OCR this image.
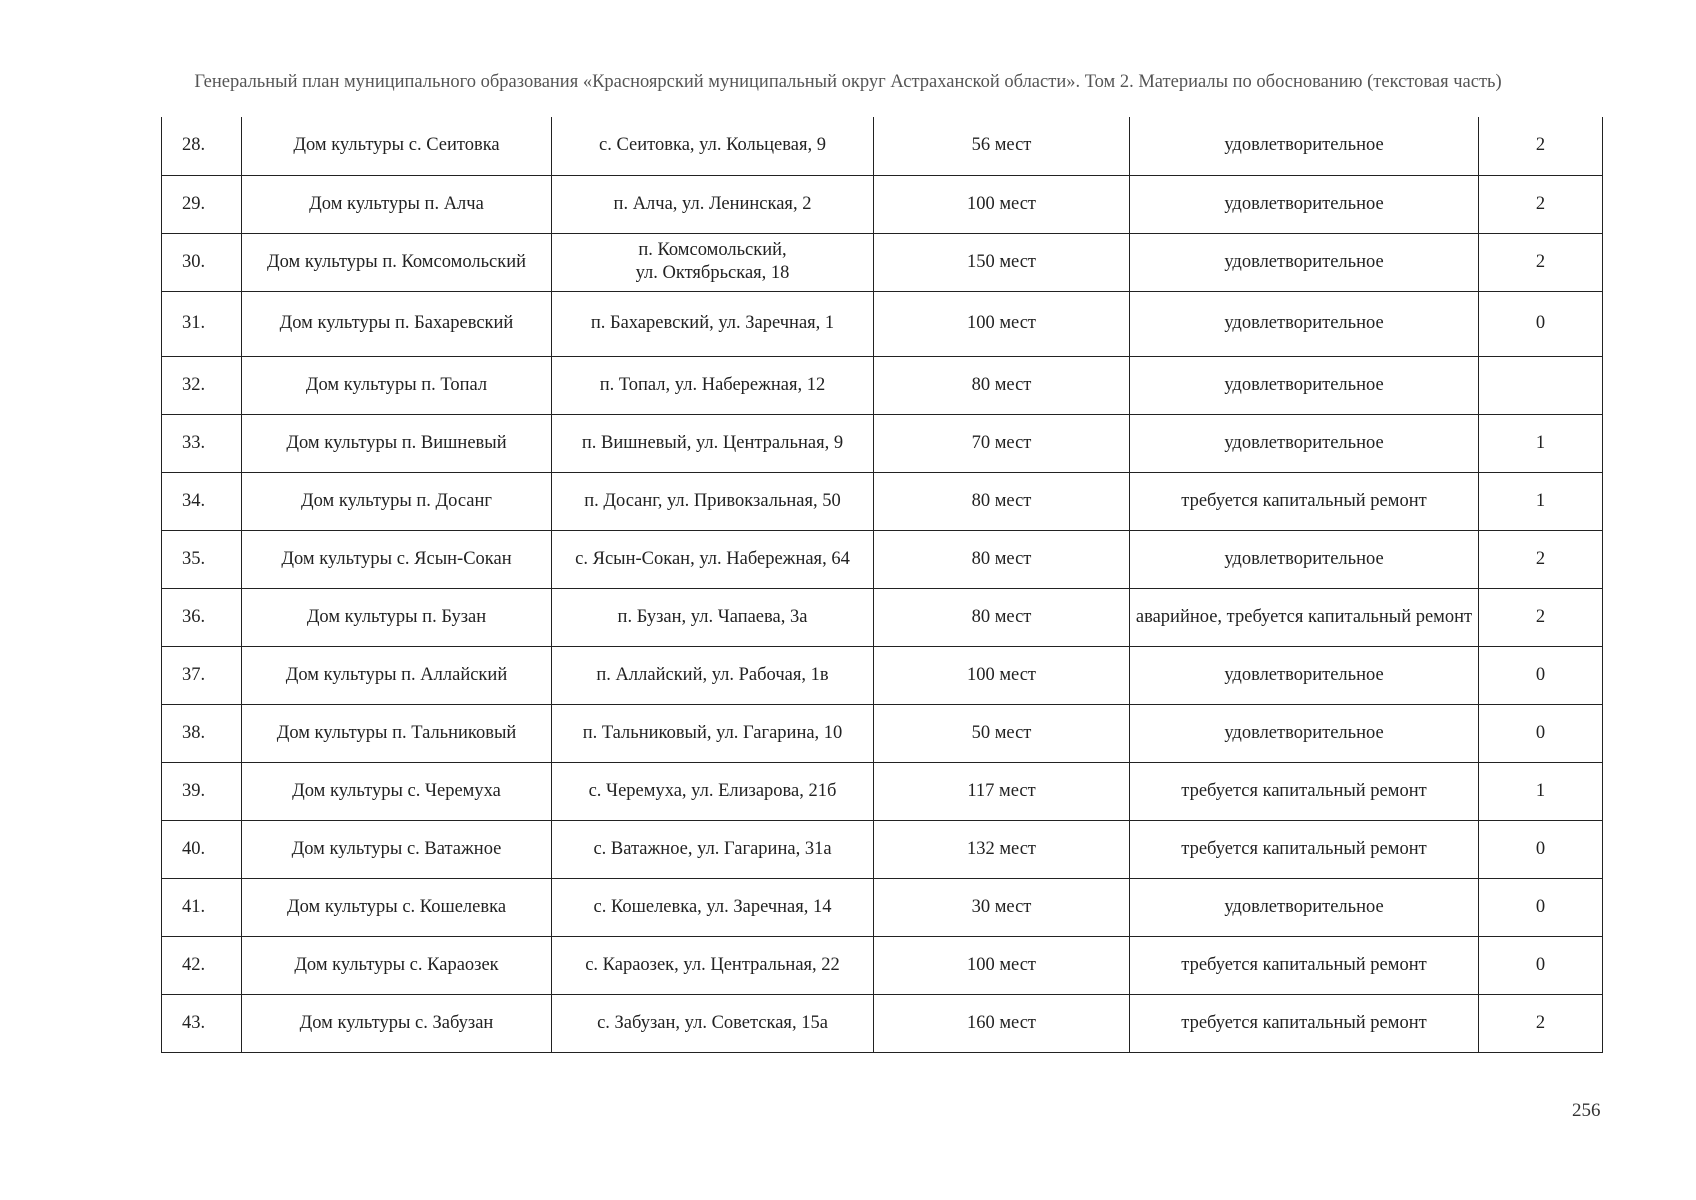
Генеральный план муниципального образования «Красноярский муниципальный округ Астраханской области». Том 2. Материалы по обоснованию (текстовая часть)
28.	Дом культуры с. Сеитовка	с. Сеитовка, ул. Кольцевая, 9	56 мест	удовлетворительное	2
29.	Дом культуры п. Алча	п. Алча, ул. Ленинская, 2	100 мест	удовлетворительное	2
30.	Дом культуры п. Комсомольский	п. Комсомольский,
ул. Октябрьская, 18	150 мест	удовлетворительное	2
31.	Дом культуры п. Бахаревский	п. Бахаревский, ул. Заречная, 1	100 мест	удовлетворительное	0
32.	Дом культуры п. Топал	п. Топал, ул. Набережная, 12	80 мест	удовлетворительное	
33.	Дом культуры п. Вишневый	п. Вишневый, ул. Центральная, 9	70 мест	удовлетворительное	1
34.	Дом культуры п. Досанг	п. Досанг, ул. Привокзальная, 50	80 мест	требуется капитальный ремонт	1
35.	Дом культуры с. Ясын-Сокан	с. Ясын-Сокан, ул. Набережная, 64	80 мест	удовлетворительное	2
36.	Дом культуры п. Бузан	п. Бузан, ул. Чапаева, 3а	80 мест	аварийное, требуется капитальный ремонт	2
37.	Дом культуры п. Аллайский	п. Аллайский, ул. Рабочая, 1в	100 мест	удовлетворительное	0
38.	Дом культуры п. Тальниковый	п. Тальниковый, ул. Гагарина, 10	50 мест	удовлетворительное	0
39.	Дом культуры с. Черемуха	с. Черемуха, ул. Елизарова, 21б	117 мест	требуется капитальный ремонт	1
40.	Дом культуры с. Ватажное	с. Ватажное, ул. Гагарина, 31а	132 мест	требуется капитальный ремонт	0
41.	Дом культуры с. Кошелевка	с. Кошелевка, ул. Заречная, 14	30 мест	удовлетворительное	0
42.	Дом культуры с. Караозек	с. Караозек, ул. Центральная, 22	100 мест	требуется капитальный ремонт	0
43.	Дом культуры с. Забузан	с. Забузан, ул. Советская, 15а	160 мест	требуется капитальный ремонт	2
256
